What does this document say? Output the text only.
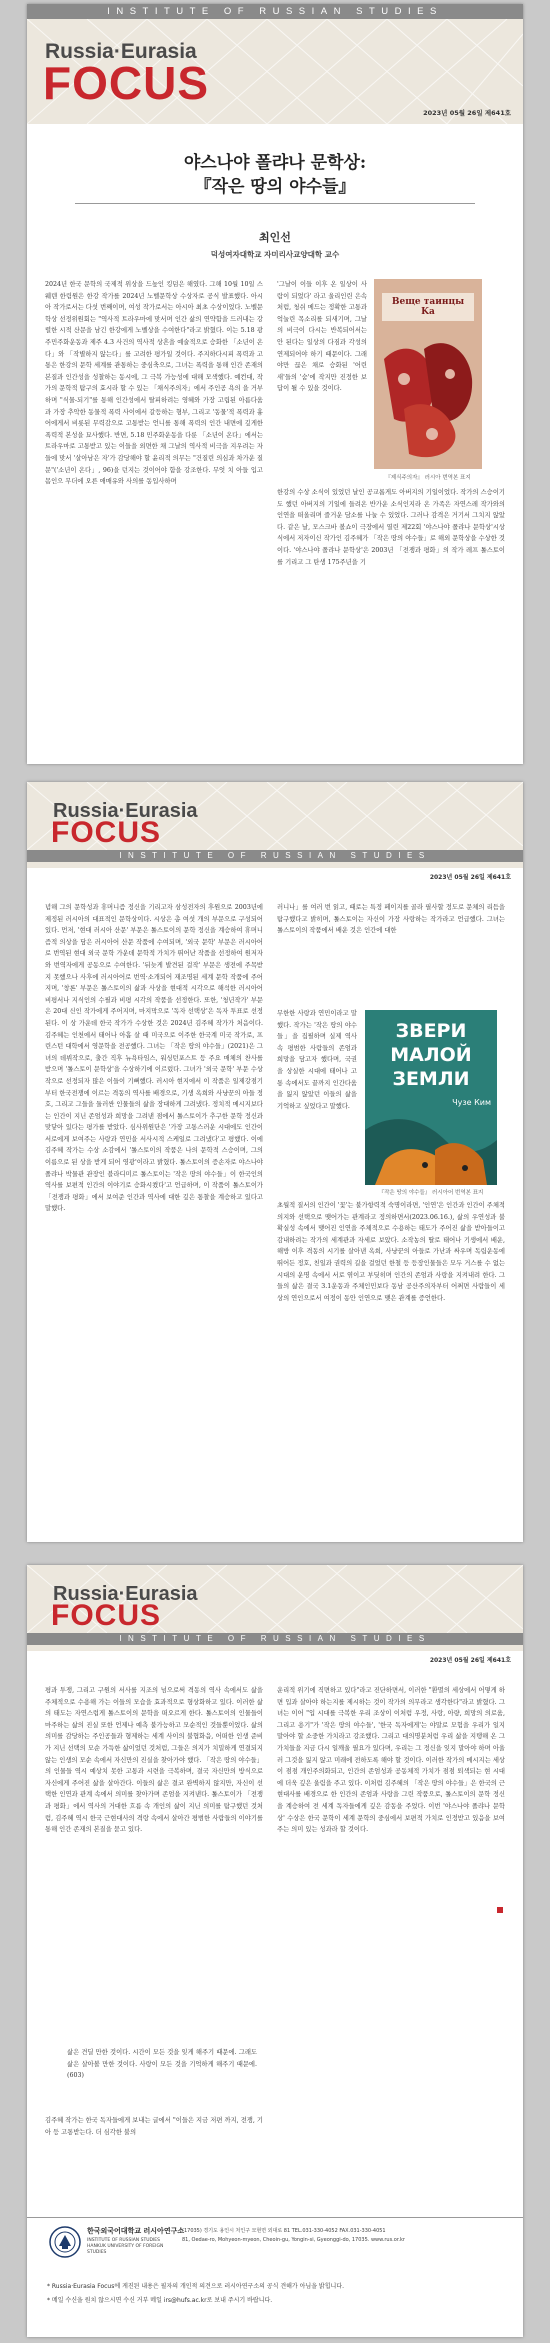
INSTITUTE OF RUSSIAN STUDIES
Russia·Eurasia
FOCUS
2023년 05월 26일 제641호
야스나야 폴랴나 문학상:
『작은 땅의 야수들』
최인선
덕성여자대학교 자미리사교양대학 교수

2024년 한국 문학의 국제적 위상을 드높인 킹덤은 해였다. 그해 10월 10일 스웨덴 한림원은 한강 작가를 2024년 노벨문학상 수상자로 공식 발표했다. 아시아 작가로서는 다섯 번째이며, 여성 작가로서는 아시아 최초 수상이었다. 노벨문학상 선정위원회는 "역사적 트라우마에 맞서며 인간 삶의 연약함을 드러내는 강렬한 시적 산문을 남긴 한강에게 노벨상을 수여한다"라고 밝혔다. 이는 5.18 광주민주화운동과 제주 4.3 사건의 역사적 상흔을 예술적으로 승화한 「소년이 온다」와 「작별하지 않는다」를 고려한 평가일 것이다. 주지하다시피 폭력과 고통은 한강의 문학 세계를 관통하는 중심축으로, 그녀는 폭력을 통해 인간 존재의 본질과 인간성을 성찰하는 동시에, 그 극복 가능성에 대해 모색했다. 예컨대, 작가의 문학적 탐구의 효시라 할 수 있는 「채식주의자」에서 주인공 욕의 을 거부하며 "식물-되기"를 통해 인간성에서 탈피하려는 영혜와 가장 고립된 아름다움과 가장 추악한 동물적 폭력 사이에서 갈등하는 형부, 그리고 '동물'적 폭력과 흉어에게서 비롯된 무력감으로 고통받는 언니를 통해 폭력의 인간 내면에 깊게한 폭력적 본성을 묘사했다. 반면, 5.18 민주화운동을 다룬 「소년이 온다」에서는 트라우마로 고통받고 있는 이들을 외면한 채 그날의 역사적 비극을 지우려는 자들에 맞서 '살아남은 자'가 감당해야 할 윤리적 의무는 "건질린 의심과 차가운 질문"('소년이 온다」, 96)을 던지는 것이어야 함을 강조한다. 무엇 치 아들 입고 몸인으 무더에 오른 애매유와 사의를 동입사하며

'그날이 이들 이후 온 일상이 사람이 되었다' 라고 울리인린 은속처럼, 청쉬 메드는 정확한 고통과 억눌린 목소리를 되새기며, 그날의 비극이 다시는 반복되어서는 안 된다는 일상의 다짐과 각성의 연제되어야 하기 때문이다. 그래야만 끊은 채로 승화된 '어린 새'들의 '숨'에 작지만 진정한 보답이 될 수 있을 것이다.

Веще таинцы Kа
『제식주의자』 러시아 번역본 표지

한강의 수상 소식이 있었던 날인 공교롭게도 아버지의 기일이었다. 작가의 스승이기도 했던 아버지의 기일에 들려온 반가운 소식인지라 온 가족은 자연스레 작가와의 인연을 떠올리며 즐거운 담소를 나눌 수 있었다. 그러나 감격은 거기서 그치지 않았다. 같은 날, 모스크바 볼쇼이 극장에서 열린 제22회 '야스나야 폴랴나 문학상'시상식에서 저자이신 작가인 김주혜가 「작은 땅의 야수들」로 해외 문학상을 수상한 것이다. '야스나야 폴랴나 문학상'은 2003년 「전쟁과 평화」의 작가 레프 톨스토이를 기리고 그 탄생 175주년을 기

Russia·Eurasia
FOCUS
INSTITUTE OF RUSSIAN STUDIES
2023년 05월 26일 제641호

념해 그의 문학성과 휴머니즘 정신을 기리고자 삼성전자의 후원으로 2003년에 제정된 러시아의 대표적인 문학상이다. 시상은 총 여섯 개의 부문으로 구성되어 있다. 먼저, '현대 러시아 산문' 부문은 톨스토이의 문학 정신을 계승하여 휴머니즘적 의상을 담은 러시아어 산문 작품에 수여되며, '외국 문학' 부문은 러시아어로 번역된 현대 외국 문학 가운데 문학적 가치가 뛰어난 작품을 선정하여 원저자와 번역자에게 공동으로 수여한다. '뒤늦게 발견된 걸작' 부문은 생전에 주목받지 못했으나 사후에 러시아어로 번역·소개되어 재조명된 세계 문학 작품에 주어지며, '창론' 부문은 톨스토이의 삶과 사상을 현대적 시각으로 해석한 러시아어 비평서나 지식인의 수필과 비평 시각의 작품을 선정한다. 또한, '청년작가' 부문은 20대 신인 작가에게 주어지며, 마지막으로 '독자 선택상'은 독자 투표로 선정된다. 이 상 가운데 한국 작가가 수상한 것은 2024년 김주혜 작가가 처음이다. 김주혜는 인천에서 태어나 아홉 살 때 미국으로 이주한 한국계 미국 작가로, 프린스턴 대학에서 영문학을 전공했다. 그녀는 「작은 땅의 야수들」(2021)은 그녀의 데뷔작으로, 출간 직후 뉴욕타임스, 워싱턴포스트 등 주요 매체의 찬사를 받으며 '톨스토이 문학상'을 수상하기에 이르렀다. 그녀가 '외국 문학' 부문 수상작으로 선정되자 많은 이들이 기뻐했다. 러시아 현지에서 이 작품은 일제강점기부터 한국전쟁에 이르는 격동의 역사를 배경으로, 기생 옥희와 사냥꾼의 아들 정호, 그리고 그들을 둘러싼 인물들의 삶을 장대하게 그려냈다. 정치적 메시지보다는 인간이 지닌 존엄성과 희망을 그려낸 점에서 톨스토이가 추구한 문학 정신과 맞닿아 있다는 평가를 받았다. 심사위원단은 '가장 고통스러운 시대에도 인간이 서로에게 보여주는 사랑과 연민을 서사시적 스케일로 그려냈다'고 평했다. 이에 김주혜 작가는 수상 소감에서 '톨스토이의 작품은 나의 문학적 스승이며, 그의 이름으로 된 상을 받게 되어 영광'이라고 밝혔다. 톨스토이의 증손자로 야스나야 폴랴나 박물관 관장인 블라디미르 톨스토이는 '작은 땅의 야수들」이 한국인의 역사를 보편적 인간의 이야기로 승화시켰다'고 언급하며, 이 작품이 톨스토이가 「전쟁과 평화」에서 보여준 인간과 역사에 대한 깊은 통찰을 계승하고 있다고 말했다.

러니나」를 여러 번 읽고, 때로는 특정 페이지를 골라 필사할 정도로 문체의 리듬을 탐구했다고 밝히며, 톨스토이는 자신이 가장 사랑하는 작가라고 언급했다. 그녀는 톨스토이의 작품에서 배운 것은 인간에 대한

무한한 사랑과 연민이라고 말했다. 작가는 '작은 땅의 야수들」을 집필하며 실제 역사 속 평범한 사람들의 존엄과 희망을 담고자 했다며, 국권을 상실한 시대에 태어나 고통 속에서도 끝까지 인간다움을 잃지 않았던 이들의 삶을 기억하고 싶었다고 말했다.

ЗВЕРИ
МАЛОЙ
ЗЕМЛИ
Чузе Ким
『작은 땅의 야수들』 러시아어 번역본 표지

초월적 질서의 인간이 '꽃'는 불가항력적 숙명이라면, '인연'은 인간과 인간이 주체적 의지와 선택으로 맺어가는 관계라고 정의하면서(2023.06.16.), 삶의 우연성과 불확실성 속에서 맺어진 인연을 주체적으로 수용하는 태도가 주어진 삶을 받아들이고 감내하려는 작가의 세계관과 자세로 보았다. 소작농의 딸로 태어나 기생에서 배운, 해방 이후 격동의 시기를 살아낸 옥희, 사냥꾼의 아들로 가난과 싸우며 독립운동에 뛰어든 정호, 친일과 권력의 길을 걸었던 한철 등 등장인물들은 모두 거스를 수 없는 시대의 운명 속에서 서로 엮이고 부딪히며 인간의 존엄과 사랑을 지켜내려 한다. 그들의 삶은 결국 3.1운동과 주체인민보다 동남 공산주의자부터 어쩌면 사람들이 세상의 연인으로서 여정이 동안 인연으로 맺은 관계를 증언한다.

Russia·Eurasia
FOCUS
INSTITUTE OF RUSSIAN STUDIES
2023년 05월 26일 제641호

평과 투쟁, 그리고 구원의 서사를 지조의 넘으로써 격동의 역사 속에서도 삶을 주체적으로 수용해 가는 이들의 모습을 효과적으로 형상화하고 있다. 이러한 삶의 태도는 자연스럽게 톨스토이의 문학을 떠오르게 한다. 톨스토이의 인물들이 마주하는 삶의 진실 또한 언제나 예측 불가능하고 모순적인 것들뿐이었다. 삶의 의미를 감당하는 주인공들과 형제하는 세계 사이의 불협화음, 어떠한 인생 준비가 지닌 선택의 모순 가득한 삶이었던 것처럼, 그들은 의지가 치밀하게 연결되지 않는 인생의 모순 속에서 자신만의 진실을 찾아가야 했다. 「작은 땅의 야수들」의 인물들 역시 예상치 못한 고통과 시련을 극복하며, 결국 자신만의 방식으로 자신에게 주어진 삶을 살아간다. 이들의 삶은 결코 완벽하지 않지만, 자신이 선택한 인연과 관계 속에서 의미를 찾아가며 존엄을 지켜낸다. 톨스토이가 「전쟁과 평화」에서 역사의 거대한 흐름 속 개인의 삶이 지닌 의미를 탐구했던 것처럼, 김주혜 역시 한국 근현대사의 격랑 속에서 살아간 평범한 사람들의 이야기를 통해 인간 존재의 본질을 묻고 있다.

삶은 견딜 만한 것이다. 시간이 모든 것을 잊게 해주기 때문에. 그래도 삶은 살아볼 만한 것이다. 사랑이 모든 것을 기억하게 해주기 때문에. (603)

김주혜 작가는 한국 독자들에게 보내는 글에서 "이들은 지금 저편 까지, 전쟁, 기아 등 고통받는다. 더 심각한 불의

운리적 위기에 직면하고 있다"라고 진단하면서, 이러한 "환멸의 세상에서 어떻게 하면 입과 살아야 하는지를 제시하는 것이 작가의 의무라고 생각한다"라고 밝혔다. 그녀는 이어 "입 시대를 극복한 우리 조상이 이처럼 우정, 사랑, 아량, 희망의 의로움, 그리고 용기"가 '작은 땅의 야수들', '한국 독자에게'는 야말로 모험을 우리가 일지 말아야 할 소중한 가치라고 강조했다. 그리고 대의명분처럼 우리 삶을 지탱해 온 그 가치들을 지금 다시 일깨울 필요가 있다며, 우리는 그 정신을 잊지 말아야 하며 아울러 그것을 잃지 않고 미래에 전하도록 해야 할 것이다. 이러한 작가의 메시지는 세상이 점점 개인주의화되고, 인간의 존엄성과 공동체적 가치가 점점 퇴색되는 현 시대에 더욱 깊은 울림을 주고 있다. 이처럼 김주혜의 「작은 땅의 야수들」은 한국의 근현대사를 배경으로 한 인간의 존엄과 사랑을 그린 작품으로, 톨스토이의 문학 정신을 계승하여 전 세계 독자들에게 깊은 감동을 주었다. 이번 '야스나야 폴랴나 문학상' 수상은 한국 문학이 세계 문학의 중심에서 보편적 가치로 인정받고 있음을 보여주는 의미 있는 성과라 할 것이다.

한국외국어대학교 러시아연구소
INSTITUTE OF RUSSIAN STUDIES HANKUK UNIVERSITY OF FOREIGN STUDIES
(17035) 경기도 용인시 처인구 모현면 외대로 81 TEL.031-330-4052 FAX.031-330-4051
81, Oedae-ro, Mohyeon-myeon, Cheoin-gu, Yongin-si, Gyeonggi-do, 17035. www.rus.or.kr
* Russia·Eurasia Focus에 게진된 내용은 필자의 개인적 의견으로 러시아연구소의 공식 견해가 아님을 밝힙니다.
* 메일 수신을 원치 않으시면 수신 거부 메일 irs@hufs.ac.kr로 보내 주시기 바랍니다.
